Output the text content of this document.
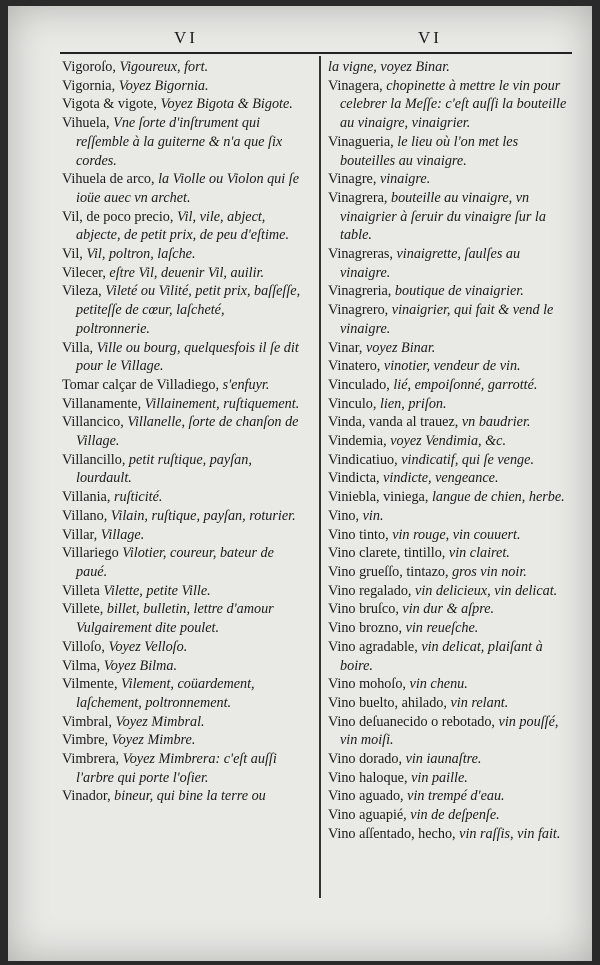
VI	VI

Vigoroſo, Vigoureux, fort.

Vigornia, Voyez Bigornia.

Vigota & vigote, Voyez Bigota & Bigote.

Vihuela, Vne ſorte d'inſtrument qui reſſemble à la guiterne & n'a que ſix cordes.

Vihuela de arco, la Violle ou Violon qui ſe ioüe auec vn archet.

Vil, de poco precio, Vil, vile, abject, abjecte, de petit prix, de peu d'eſtime.

Vil, Vil, poltron, laſche.

Vilecer, eſtre Vil, deuenir Vil, auilir.

Vileza, Vileté ou Vilité, petit prix, baſſeſſe, petiteſſe de cœur, laſcheté, poltronnerie.

Villa, Ville ou bourg, quelquesfois il ſe dit pour le Village.

Tomar calçar de Villadiego, s'enfuyr.

Villanamente, Villainement, ruſtiquement.

Villancico, Villanelle, ſorte de chanſon de Village.

Villancillo, petit ruſtique, payſan, lourdault.

Villania, ruſticité.

Villano, Vilain, ruſtique, payſan, roturier.

Villar, Village.

Villariego Vilotier, coureur, bateur de paué.

Villeta Vilette, petite Ville.

Villete, billet, bulletin, lettre d'amour Vulgairement dite poulet.

Villoſo, Voyez Velloſo.

Vilma, Voyez Bilma.

Vilmente, Vilement, coüardement, laſchement, poltronnement.

Vimbral, Voyez Mimbral.

Vimbre, Voyez Mimbre.

Vimbrera, Voyez Mimbrera: c'eſt auſſi l'arbre qui porte l'oſier.

Vinador, bineur, qui bine la terre ou

la vigne, voyez Binar.

Vinagera, chopinette à mettre le vin pour celebrer la Meſſe: c'eſt auſſi la bouteille au vinaigre, vinaigrier.

Vinagueria, le lieu où l'on met les bouteilles au vinaigre.

Vinagre, vinaigre.

Vinagrera, bouteille au vinaigre, vn vinaigrier à ſeruir du vinaigre ſur la table.

Vinagreras, vinaigrette, ſaulſes au vinaigre.

Vinagreria, boutique de vinaigrier.

Vinagrero, vinaigrier, qui fait & vend le vinaigre.

Vinar, voyez Binar.

Vinatero, vinotier, vendeur de vin.

Vinculado, lié, empoiſonné, garrotté.

Vinculo, lien, priſon.

Vinda, vanda al trauez, vn baudrier.

Vindemia, voyez Vendimia, &c.

Vindicatiuo, vindicatif, qui ſe venge.

Vindicta, vindicte, vengeance.

Viniebla, viniega, langue de chien, herbe.

Vino, vin.

Vino tinto, vin rouge, vin couuert.

Vino clarete, tintillo, vin clairet.

Vino grueſſo, tintazo, gros vin noir.

Vino regalado, vin delicieux, vin delicat.

Vino bruſco, vin dur & aſpre.

Vino brozno, vin reueſche.

Vino agradable, vin delicat, plaiſant à boire.

Vino mohoſo, vin chenu.

Vino buelto, ahilado, vin relant.

Vino deſuanecido o rebotado, vin pouſſé, vin moiſi.

Vino dorado, vin iaunaſtre.

Vino haloque, vin paille.

Vino aguado, vin trempé d'eau.

Vino aguapié, vin de deſpenſe.

Vino aſſentado, hecho, vin raſſis, vin fait.
